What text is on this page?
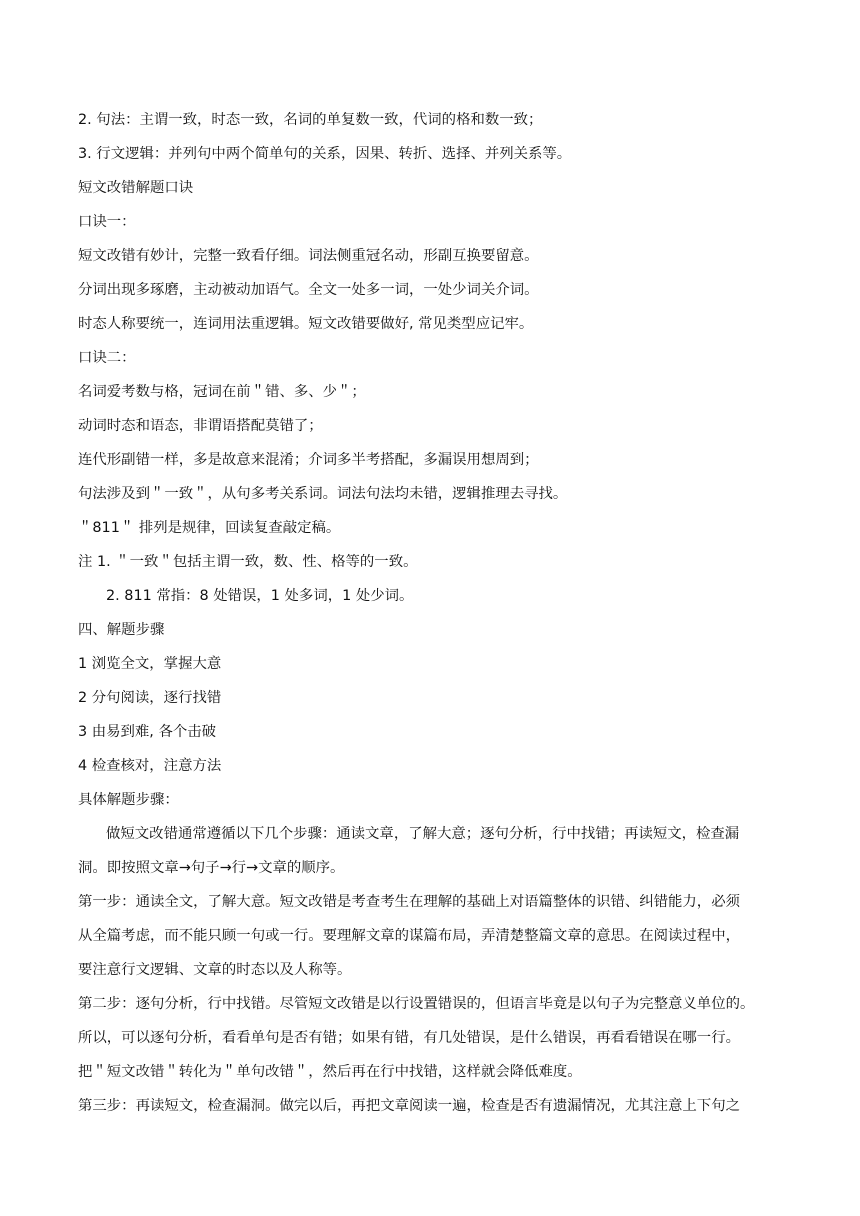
2. 句法：主谓一致，时态一致，名词的单复数一致，代词的格和数一致；
3. 行文逻辑：并列句中两个简单句的关系，因果、转折、选择、并列关系等。
短文改错解题口诀
口诀一：
短文改错有妙计，完整一致看仔细。词法侧重冠名动，形副互换要留意。
分词出现多琢磨，主动被动加语气。全文一处多一词，一处少词关介词。
时态人称要统一，连词用法重逻辑。短文改错要做好, 常见类型应记牢。
口诀二：
名词爱考数与格，冠词在前＂错、多、少＂；
动词时态和语态，非谓语搭配莫错了；
连代形副错一样，多是故意来混淆；介词多半考搭配，多漏误用想周到；
句法涉及到＂一致＂，从句多考关系词。词法句法均未错，逻辑推理去寻找。
＂811＂ 排列是规律，回读复查敲定稿。
注 1. ＂一致＂包括主谓一致，数、性、格等的一致。
2. 811 常指：8 处错误，1 处多词，1 处少词。
四、解题步骤
1 浏览全文，掌握大意
2 分句阅读，逐行找错
3 由易到难, 各个击破
4 检查核对，注意方法
具体解题步骤：
做短文改错通常遵循以下几个步骤：通读文章，了解大意；逐句分析，行中找错；再读短文，检查漏
洞。即按照文章→句子→行→文章的顺序。
第一步：通读全文，了解大意。短文改错是考查考生在理解的基础上对语篇整体的识错、纠错能力，必须
从全篇考虑，而不能只顾一句或一行。要理解文章的谋篇布局，弄清楚整篇文章的意思。在阅读过程中，
要注意行文逻辑、文章的时态以及人称等。
第二步：逐句分析，行中找错。尽管短文改错是以行设置错误的，但语言毕竟是以句子为完整意义单位的。
所以，可以逐句分析，看看单句是否有错；如果有错，有几处错误，是什么错误，再看看错误在哪一行。
把＂短文改错＂转化为＂单句改错＂，然后再在行中找错，这样就会降低难度。
第三步：再读短文，检查漏洞。做完以后，再把文章阅读一遍，检查是否有遗漏情况，尤其注意上下句之
